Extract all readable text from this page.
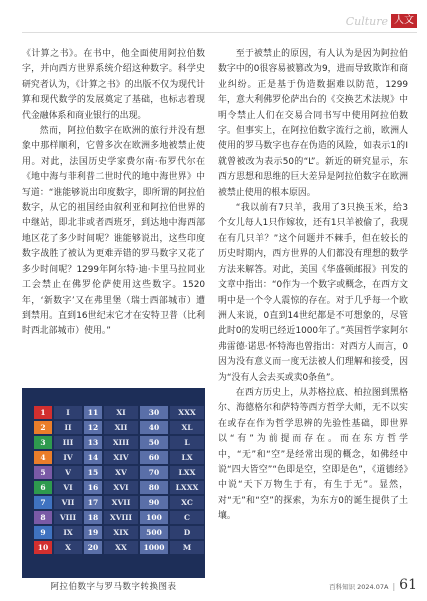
Culture 人文

《计算之书》。在书中，他全面使用阿拉伯数字，并向西方世界系统介绍这种数字。科学史研究者认为，《计算之书》的出版不仅为现代计算和现代数学的发展奠定了基础，也标志着现代金融体系和商业银行的出现。

然而，阿拉伯数字在欧洲的旅行并没有想象中那样顺利，它曾多次在欧洲多地被禁止使用。对此，法国历史学家费尔南·布罗代尔在《地中海与菲利普二世时代的地中海世界》中写道：“谁能够说出印度数字，即所谓的阿拉伯数字，从它的祖国经由叙利亚和阿拉伯世界的中继站，即北非或者西班牙，到达地中海西部地区花了多少时间呢？谁能够说出，这些印度数字战胜了被认为更难弄错的罗马数字又花了多少时间呢？1299年阿尔特·迪·卡里马拉同业工会禁止在佛罗伦萨使用这些数字。1520年，‘新数字’又在弗里堡（瑞士西部城市）遭到禁用。直到16世纪末它才在安特卫普（比利时西北部城市）使用。”

1	I	11	XI	30	XXX
2	II	12	XII	40	XL
3	III	13	XIII	50	L
4	IV	14	XIV	60	LX
5	V	15	XV	70	LXX
6	VI	16	XVI	80	LXXX
7	VII	17	XVII	90	XC
8	VIII	18	XVIII	100	C
9	IX	19	XIX	500	D
10	X	20	XX	1000	M
阿拉伯数字与罗马数字转换图表

至于被禁止的原因，有人认为是因为阿拉伯数字中的0很容易被篡改为9，进而导致欺诈和商业纠纷。正是基于伪造数据难以防范，1299年，意大利佛罗伦萨出台的《交换艺术法规》中明令禁止人们在交易合同书写中使用阿拉伯数字。但事实上，在阿拉伯数字流行之前，欧洲人使用的罗马数字也存在伪造的风险，如表示1的I就曾被改为表示50的“L”。新近的研究显示，东西方思想和思维的巨大差异是阿拉伯数字在欧洲被禁止使用的根本原因。

“我以前有7只羊，我用了3只换玉米，给3个女儿每人1只作嫁妆，还有1只羊被偷了，我现在有几只羊？”这个问题并不棘手，但在较长的历史时期内，西方世界的人们都没有理想的数学方法来解答。对此，美国《华盛顿邮报》刊发的文章中指出：“0作为一个数字或概念，在西方文明中是一个令人震惊的存在。对于几乎每一个欧洲人来说，0直到14世纪都是不可想象的，尽管此时0的发明已经近1000年了。”英国哲学家阿尔弗雷德·诺思·怀特海也曾指出：对西方人而言，0因为没有意义而一度无法被人们理解和接受，因为“没有人会去买或卖0条鱼”。

在西方历史上，从苏格拉底、柏拉图到黑格尔、海德格尔和萨特等西方哲学大师，无不以实在或存在作为哲学思辨的先验性基础，即世界以“有”为前提而存在。而在东方哲学中，“无”和“空”是经常出现的概念，如佛经中说“四大皆空”“色即是空，空即是色”，《道德经》中说“天下万物生于有，有生于无”。显然，对“无”和“空”的探索，为东方0的诞生提供了土壤。

百科知识 2024.07A | 61
